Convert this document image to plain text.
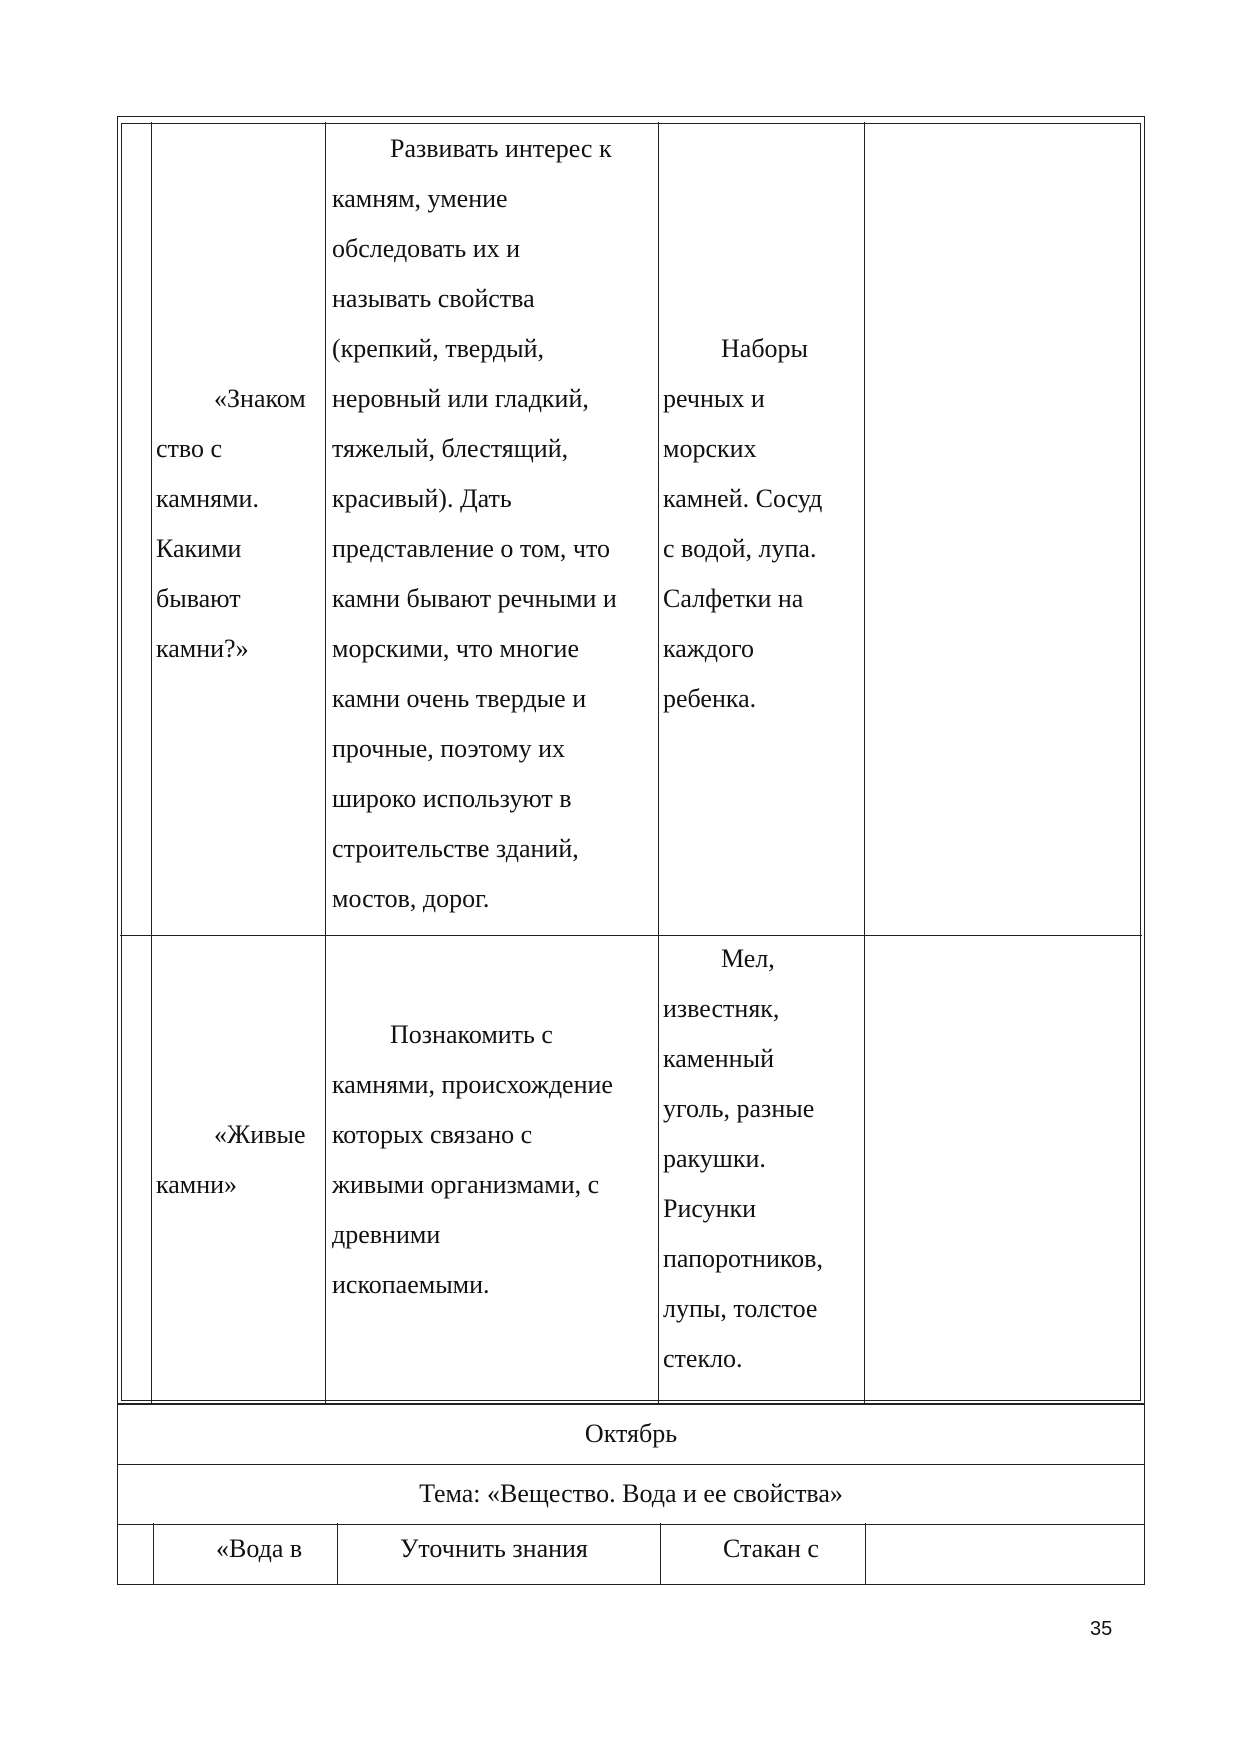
«Знаком

ство с

камнями.

Какими

бывают

камни?»

Развивать интерес к

камням, умение

обследовать их и

называть свойства

(крепкий, твердый,

неровный или гладкий,

тяжелый, блестящий,

красивый). Дать

представление о том, что

камни бывают речными и

морскими, что многие

камни очень твердые и

прочные, поэтому их

широко используют в

строительстве зданий,

мостов, дорог.

Наборы

речных и

морских

камней. Сосуд

с водой, лупа.

Салфетки на

каждого

ребенка.

«Живые

камни»

Познакомить с

камнями, происхождение

которых связано с

живыми организмами, с

древними

ископаемыми.

Мел,

известняк,

каменный

уголь, разные

ракушки.

Рисунки

папоротников,

лупы, толстое

стекло.

Октябрь
Тема: «Вещество. Вода и ее свойства»

«Вода в	Уточнить знания	Стакан с

35
